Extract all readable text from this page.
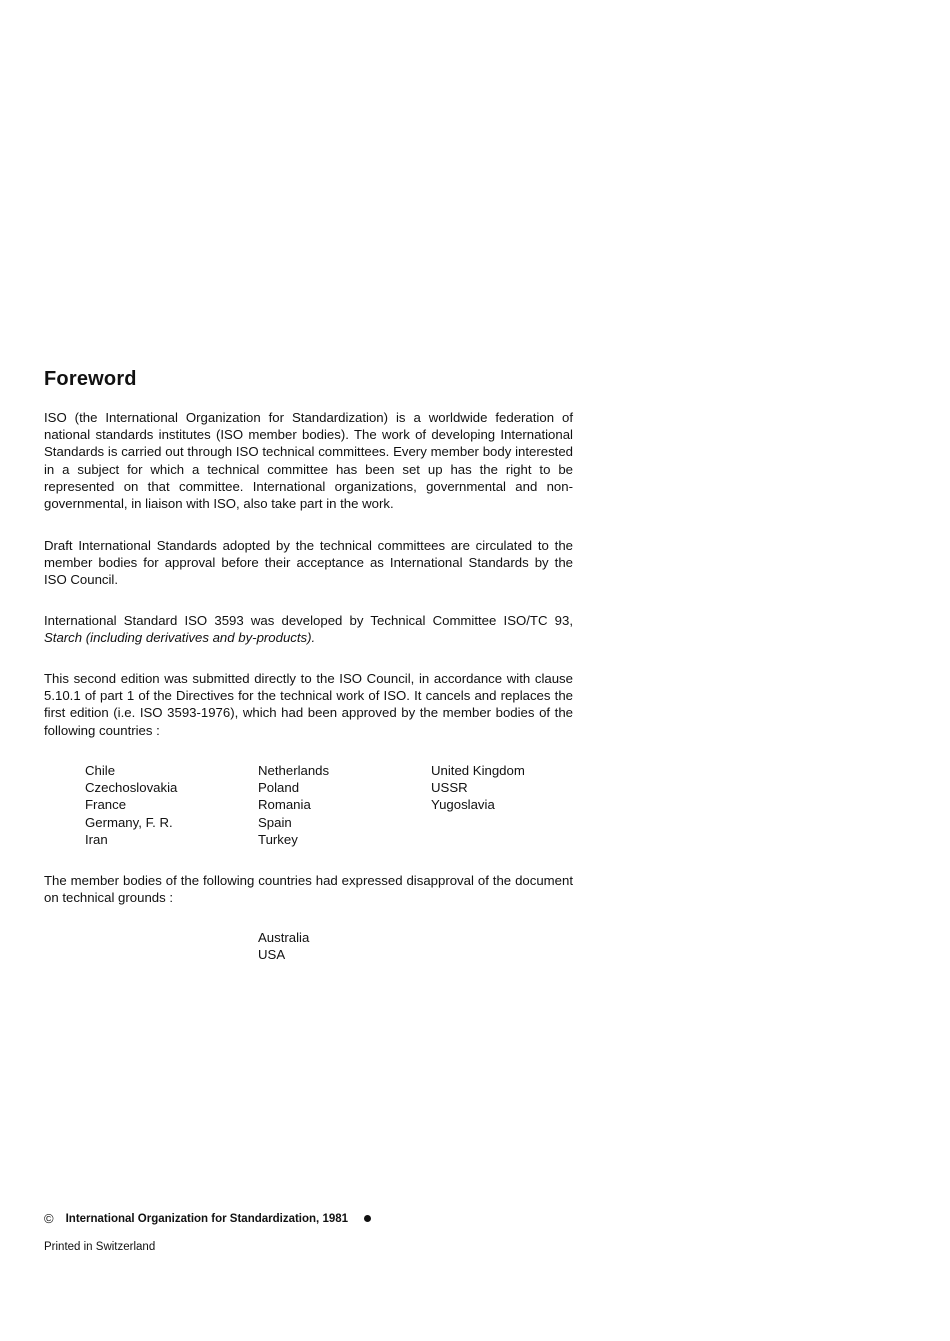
Foreword

ISO (the International Organization for Standardization) is a worldwide federation of national standards institutes (ISO member bodies). The work of developing International Standards is carried out through ISO technical committees. Every member body interested in a subject for which a technical committee has been set up has the right to be represented on that committee. International organizations, governmental and non-governmental, in liaison with ISO, also take part in the work.

Draft International Standards adopted by the technical committees are circulated to the member bodies for approval before their acceptance as International Standards by the ISO Council.

International Standard ISO 3593 was developed by Technical Committee ISO/TC 93, Starch (including derivatives and by-products).

This second edition was submitted directly to the ISO Council, in accordance with clause 5.10.1 of part 1 of the Directives for the technical work of ISO. It cancels and replaces the first edition (i.e. ISO 3593-1976), which had been approved by the member bodies of the following countries :

Chile
Czechoslovakia
France
Germany, F. R.
Iran
Netherlands
Poland
Romania
Spain
Turkey
United Kingdom
USSR
Yugoslavia

The member bodies of the following countries had expressed disapproval of the document on technical grounds :

Australia
USA
© International Organization for Standardization, 1981
Printed in Switzerland
